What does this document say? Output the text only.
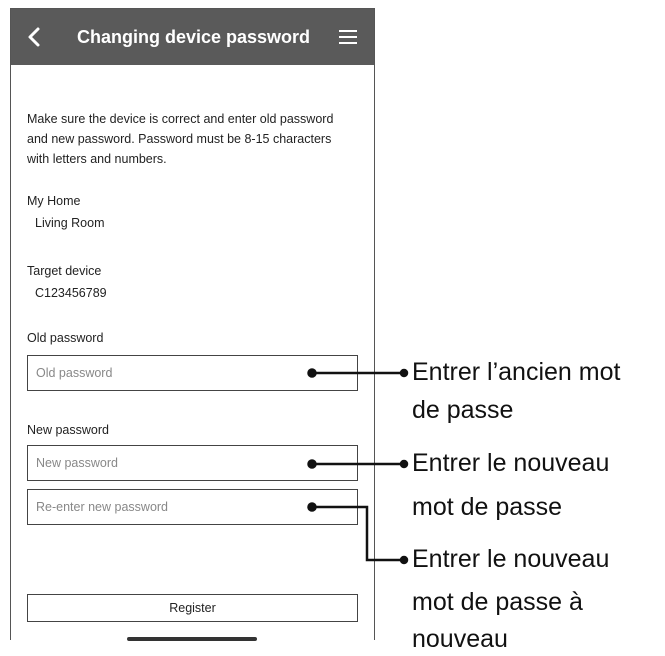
Changing device password
Make sure the device is correct and enter old password and new password. Password must be 8-15 characters with letters and numbers.
My Home
Living Room
Target device
C123456789
Old password
New password
Register
Entrer l’ancien mot
de passe
Entrer le nouveau
mot de passe
Entrer le nouveau
mot de passe à
nouveau
